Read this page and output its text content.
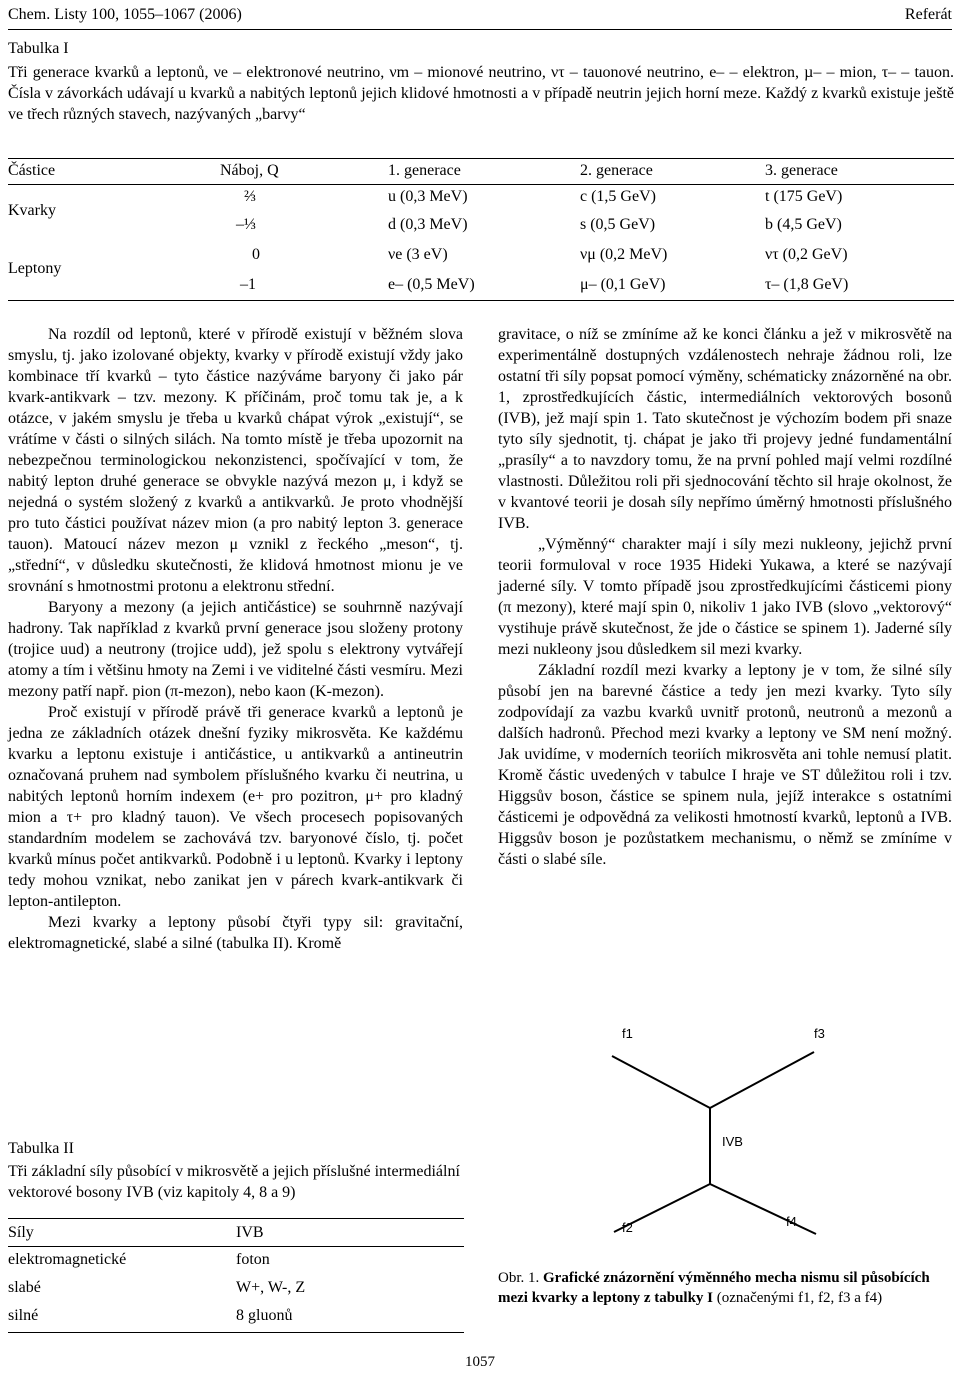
Chem. Listy 100, 1055–1067 (2006)	Referát
Tabulka I
Tři generace kvarků a leptonů, νe – elektronové neutrino, νm – mionové neutrino, ντ – tauonové neutrino, e– – elektron, µ– – mion, τ– – tauon. Čísla v závorkách udávají u kvarků a nabitých leptonů jejich klidové hmotnosti a v případě neutrin jejich horní meze. Každý z kvarků existuje ještě ve třech různých stavech, nazývaných „barvy“
Částice	Náboj, Q	1. generace	2. generace	3. generace
Kvarky
⅔	u (0,3 MeV)	c (1,5 GeV)	t (175 GeV)
–⅓	d (0,3 MeV)	s (0,5 GeV)	b (4,5 GeV)
Leptony
0	νe (3 eV)	νμ (0,2 MeV)	ντ (0,2 GeV)
–1	e– (0,5 MeV)	μ– (0,1 GeV)	τ– (1,8 GeV)

Na rozdíl od leptonů, které v přírodě existují v běžném slova smyslu, tj. jako izolované objekty, kvarky v přírodě existují vždy jako kombinace tří kvarků – tyto částice nazýváme baryony či jako pár kvark-antikvark – tzv. mezony. K příčinám, proč tomu tak je, a k otázce, v jakém smyslu je třeba u kvarků chápat výrok „existují“, se vrátíme v části o silných silách. Na tomto místě je třeba upozornit na nebezpečnou terminologickou nekonzistenci, spočívající v tom, že nabitý lepton druhé generace se obvykle nazývá mezon μ, i když se nejedná o systém složený z kvarků a antikvarků. Je proto vhodnější pro tuto částici používat název mion (a pro nabitý lepton 3. generace tauon). Matoucí název mezon μ vznikl z řeckého „meson“, tj. „střední“, v důsledku skutečnosti, že klidová hmotnost mionu je ve srovnání s hmotnostmi protonu a elektronu střední.

Baryony a mezony (a jejich antičástice) se souhrnně nazývají hadrony. Tak například z kvarků první generace jsou složeny protony (trojice uud) a neutrony (trojice udd), jež spolu s elektrony vytvářejí atomy a tím i většinu hmoty na Zemi i ve viditelné části vesmíru. Mezi mezony patří např. pion (π-mezon), nebo kaon (K-mezon).

Proč existují v přírodě právě tři generace kvarků a leptonů je jedna ze základních otázek dnešní fyziky mikrosvěta. Ke každému kvarku a leptonu existuje i antičástice, u antikvarků a antineutrin označovaná pruhem nad symbolem příslušného kvarku či neutrina, u nabitých leptonů horním indexem (e+ pro pozitron, μ+ pro kladný mion a τ+ pro kladný tauon). Ve všech procesech popisovaných standardním modelem se zachovává tzv. baryonové číslo, tj. počet kvarků mínus počet antikvarků. Podobně i u leptonů. Kvarky i leptony tedy mohou vznikat, nebo zanikat jen v párech kvark-antikvark či lepton-antilepton.

Mezi kvarky a leptony působí čtyři typy sil: gravitační, elektromagnetické, slabé a silné (tabulka II). Kromě

gravitace, o níž se zmíníme až ke konci článku a jež v mikrosvětě na experimentálně dostupných vzdálenostech nehraje žádnou roli, lze ostatní tři síly popsat pomocí výměny, schématicky znázorněné na obr. 1, zprostředkujících částic, intermediálních vektorových bosonů (IVB), jež mají spin 1. Tato skutečnost je výchozím bodem při snaze tyto síly sjednotit, tj. chápat je jako tři projevy jedné fundamentální „prasíly“ a to navzdory tomu, že na první pohled mají velmi rozdílné vlastnosti. Důležitou roli při sjednocování těchto sil hraje okolnost, že v kvantové teorii je dosah síly nepřímo úměrný hmotnosti příslušného IVB.

„Výměnný“ charakter mají i síly mezi nukleony, jejichž první teorii formuloval v roce 1935 Hideki Yukawa, a které se nazývají jaderné síly. V tomto případě jsou zprostředkujícími částicemi piony (π mezony), které mají spin 0, nikoliv 1 jako IVB (slovo „vektorový“ vystihuje právě skutečnost, že jde o částice se spinem 1). Jaderné síly mezi nukleony jsou důsledkem sil mezi kvarky.

Základní rozdíl mezi kvarky a leptony je v tom, že silné síly působí jen na barevné částice a tedy jen mezi kvarky. Tyto síly zodpovídají za vazbu kvarků uvnitř protonů, neutronů a mezonů a dalších hadronů. Přechod mezi kvarky a leptony ve SM není možný. Jak uvidíme, v moderních teoriích mikrosvěta ani tohle nemusí platit. Kromě částic uvedených v tabulce I hraje ve ST důležitou roli i tzv. Higgsův boson, částice se spinem nula, jejíž interakce s ostatními částicemi je odpovědná za velikosti hmotností kvarků, leptonů a IVB. Higgsův boson je pozůstatkem mechanismu, o němž se zmíníme v části o slabé síle.

Tabulka II
Tři základní síly působící v mikrosvětě a jejich příslušné intermediální vektorové bosony IVB (viz kapitoly 4, 8 a 9)
Síly	IVB
elektromagnetické	foton
slabé	W+, W-, Z
silné	8 gluonů
f1	f3
IVB
f2	f4
Obr. 1. Grafické znázornění výměnného mecha nismu sil působících mezi kvarky a leptony z tabulky I (označenými f1, f2, f3 a f4)
1057
